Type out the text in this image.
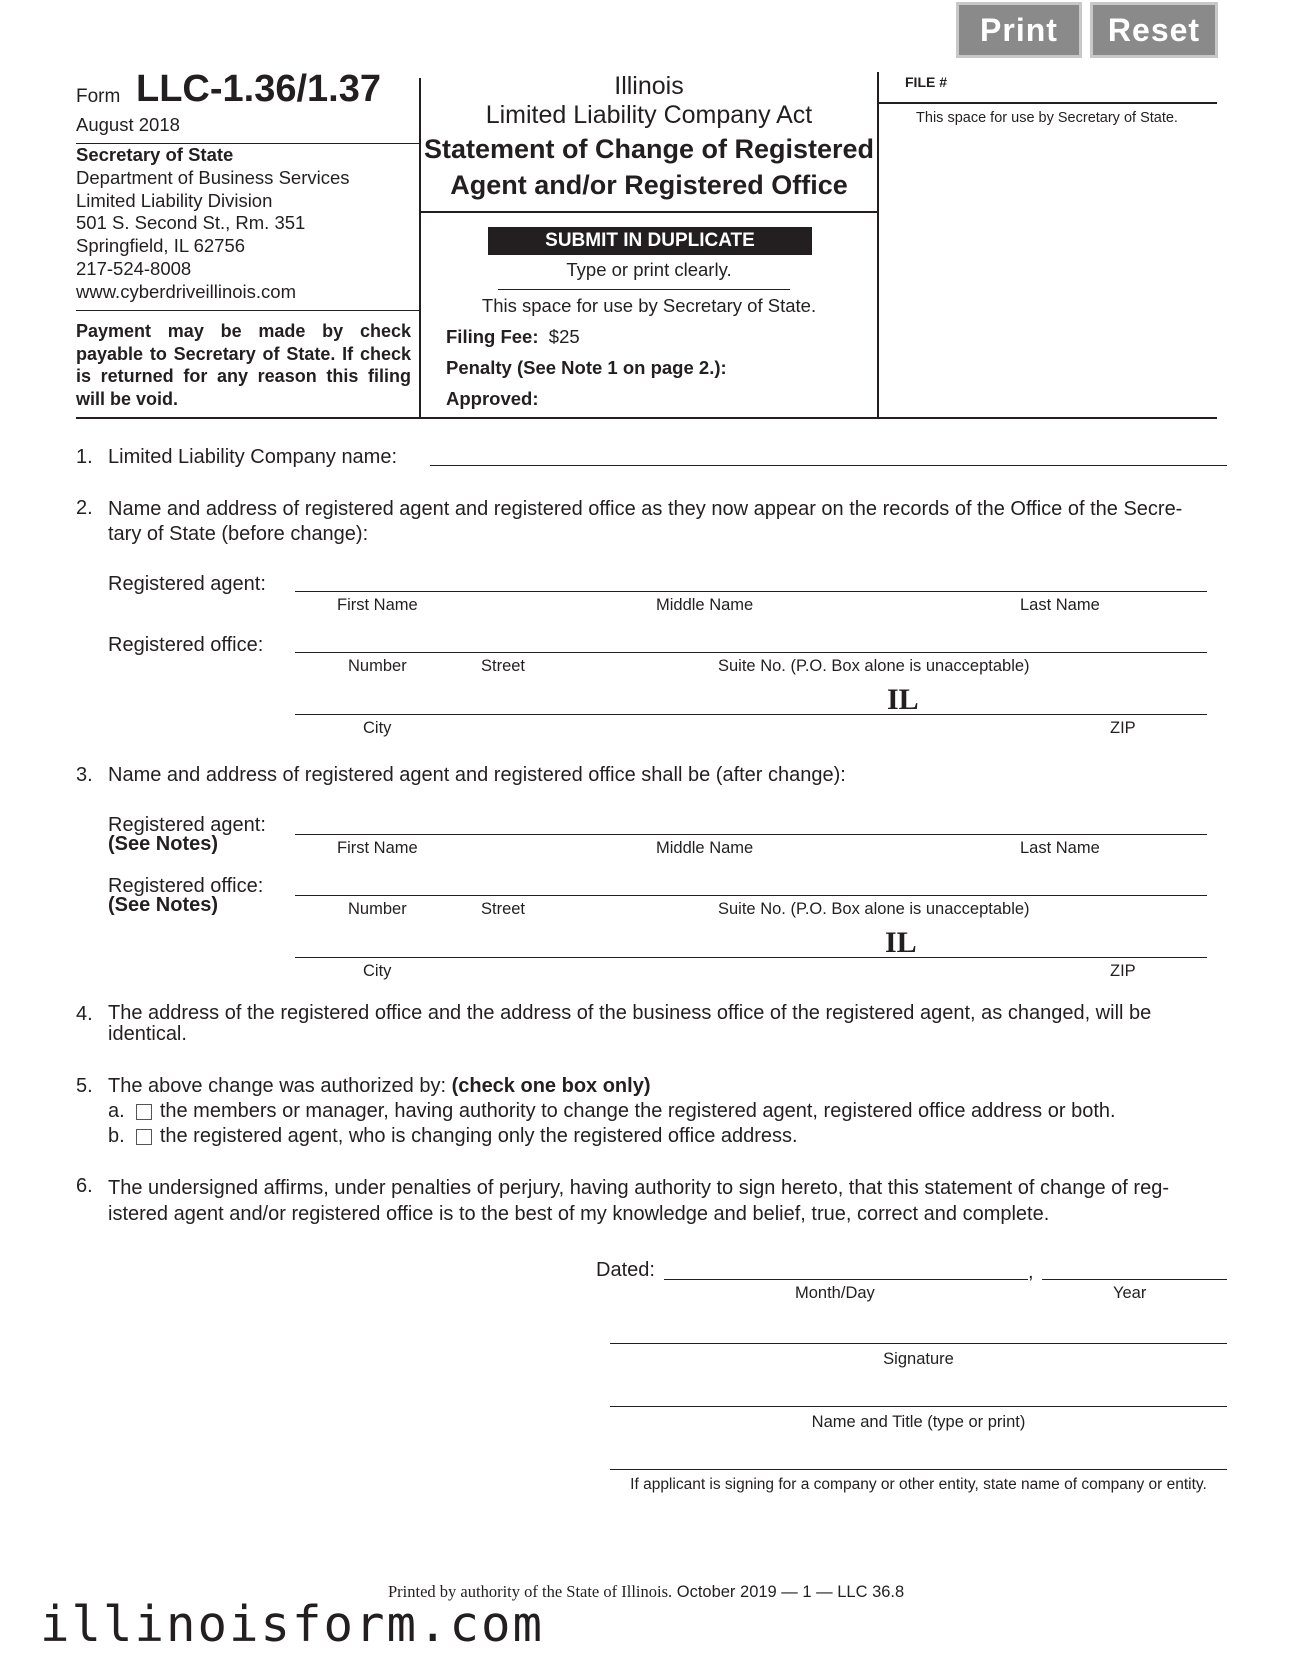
Print	Reset
Form LLC-1.36/1.37
August 2018
Secretary of State
Department of Business Services
Limited Liability Division
501 S. Second St., Rm. 351
Springfield, IL 62756
217-524-8008
www.cyberdriveillinois.com
Payment may be made by check
payable to Secretary of State. If check
is returned for any reason this filing
will be void.
Illinois
Limited Liability Company Act
Statement of Change of Registered
Agent and/or Registered Office
SUBMIT IN DUPLICATE
Type or print clearly.
This space for use by Secretary of State.
Filing Fee: $25
Penalty (See Note 1 on page 2.):
Approved:
FILE #
This space for use by Secretary of State.
1. Limited Liability Company name:
2. Name and address of registered agent and registered office as they now appear on the records of the Office of the Secre-
tary of State (before change):
Registered agent:
First Name	Middle Name	Last Name
Registered office:
Number	Street	Suite No. (P.O. Box alone is unacceptable)
IL
City	ZIP
3. Name and address of registered agent and registered office shall be (after change):
Registered agent:
(See Notes)	First Name	Middle Name	Last Name
Registered office:
(See Notes)	Number	Street	Suite No. (P.O. Box alone is unacceptable)
IL
City	ZIP
4. The address of the registered office and the address of the business office of the registered agent, as changed, will be
identical.
5. The above change was authorized by: (check one box only)
a. the members or manager, having authority to change the registered agent, registered office address or both.
b. the registered agent, who is changing only the registered office address.
6. The undersigned affirms, under penalties of perjury, having authority to sign hereto, that this statement of change of reg-
istered agent and/or registered office is to the best of my knowledge and belief, true, correct and complete.
Dated:	,
Month/Day	Year
Signature
Name and Title (type or print)
If applicant is signing for a company or other entity, state name of company or entity.
Printed by authority of the State of Illinois. October 2019 — 1 — LLC 36.8
illinoisform.com
